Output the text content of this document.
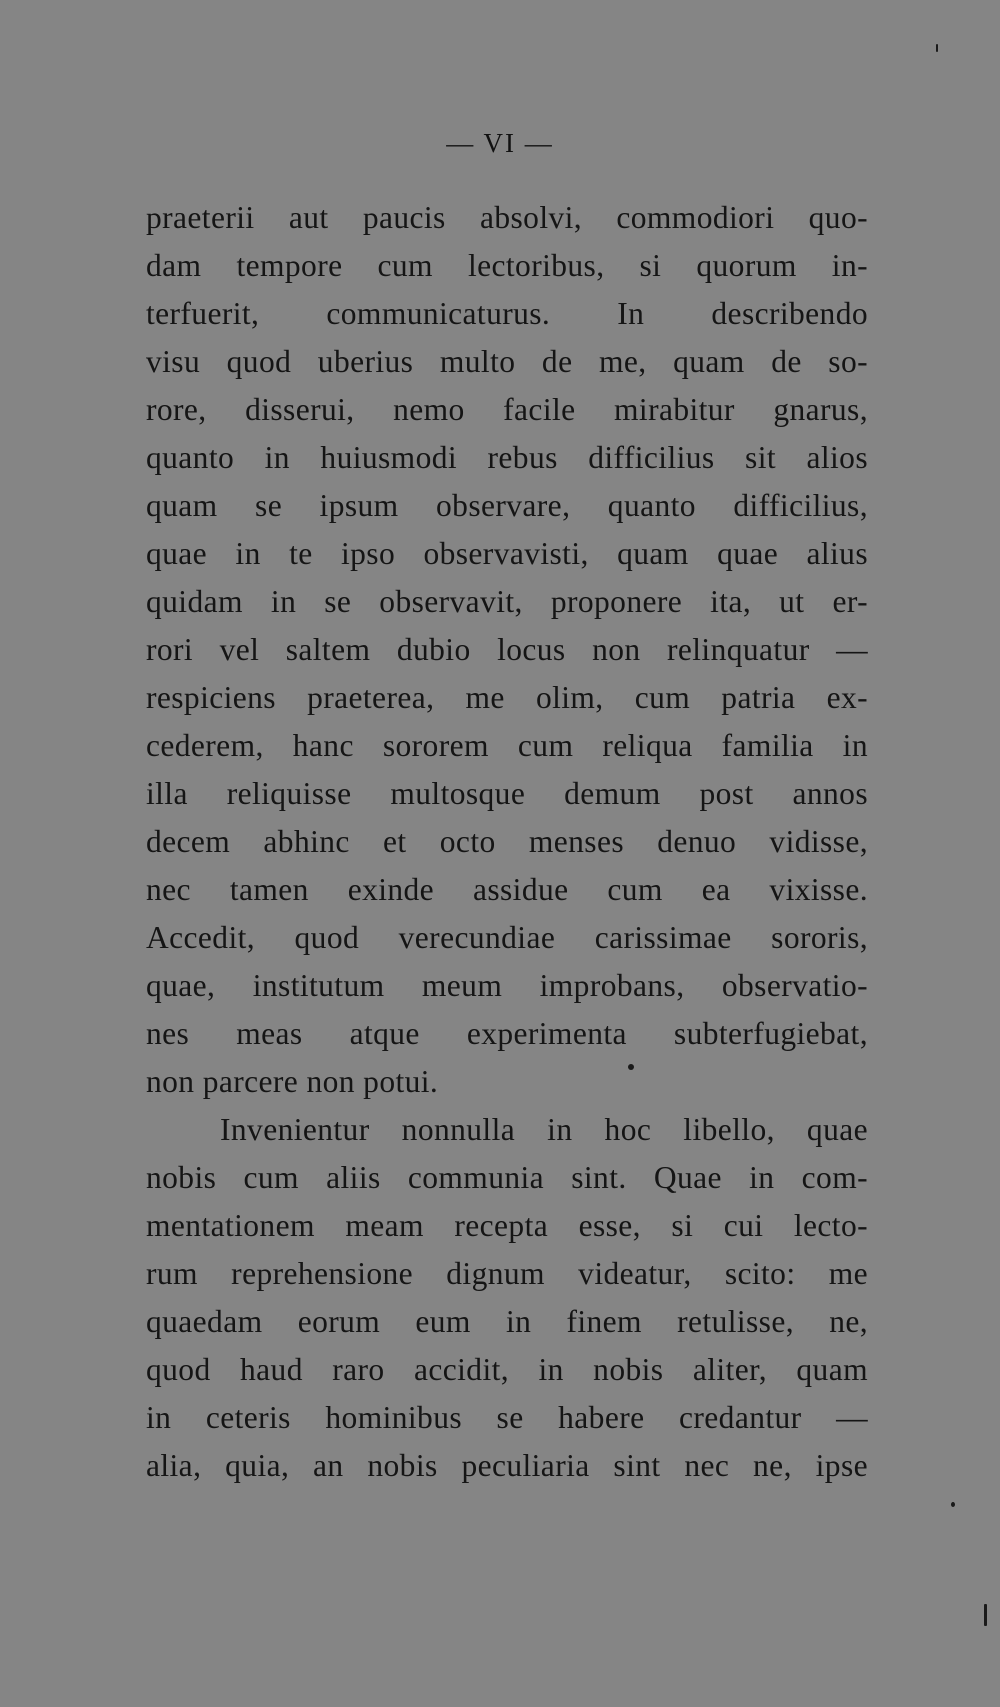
— VI —
praeterii aut paucis absolvi, commodiori quo-
dam tempore cum lectoribus, si quorum in-
terfuerit, communicaturus. In describendo
visu quod uberius multo de me, quam de so-
rore, disserui, nemo facile mirabitur gnarus,
quanto in huiusmodi rebus difficilius sit alios
quam se ipsum observare, quanto difficilius,
quae in te ipso observavisti, quam quae alius
quidam in se observavit, proponere ita, ut er-
rori vel saltem dubio locus non relinquatur —
respiciens praeterea, me olim, cum patria ex-
cederem, hanc sororem cum reliqua familia in
illa reliquisse multosque demum post annos
decem abhinc et octo menses denuo vidisse,
nec tamen exinde assidue cum ea vixisse.
Accedit, quod verecundiae carissimae sororis,
quae, institutum meum improbans, observatio-
nes meas atque experimenta subterfugiebat,
non parcere non potui.
Invenientur nonnulla in hoc libello, quae
nobis cum aliis communia sint. Quae in com-
mentationem meam recepta esse, si cui lecto-
rum reprehensione dignum videatur, scito: me
quaedam eorum eum in finem retulisse, ne,
quod haud raro accidit, in nobis aliter, quam
in ceteris hominibus se habere credantur —
alia, quia, an nobis peculiaria sint nec ne, ipse
